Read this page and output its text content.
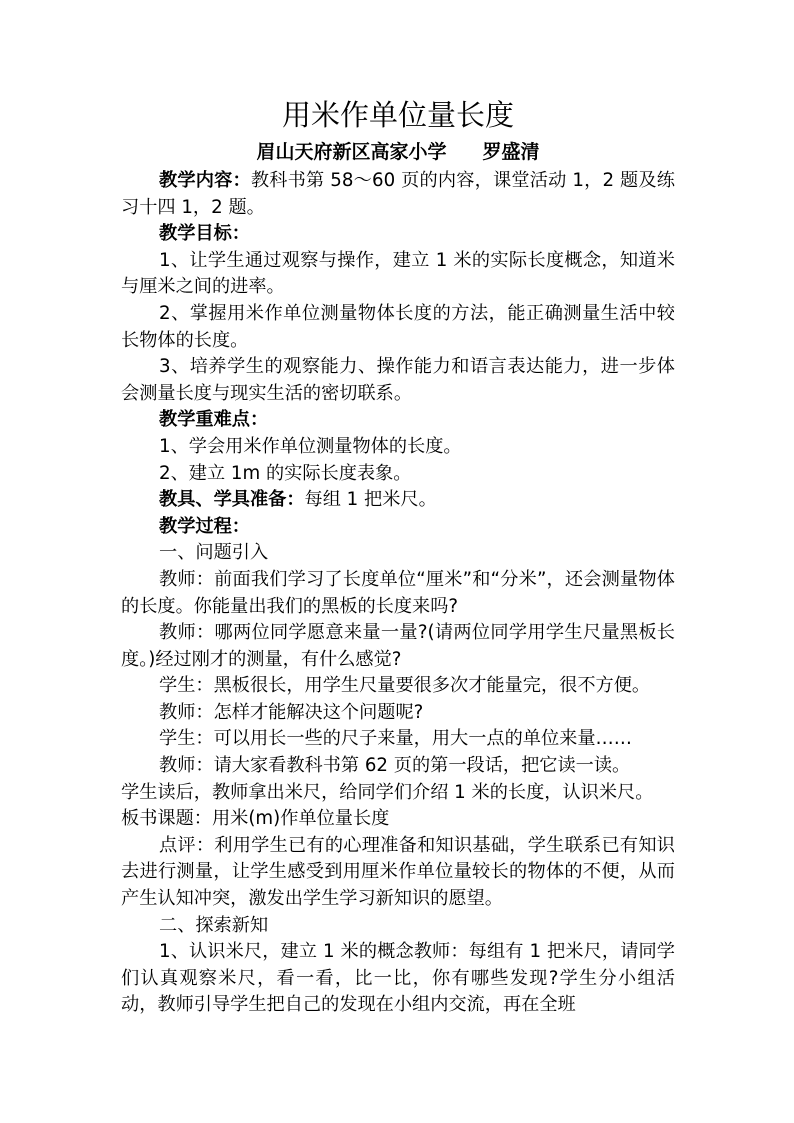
用米作单位量长度

眉山天府新区高家小学 罗盛清

教学内容：教科书第 58～60 页的内容，课堂活动 1，2 题及练习十四 1，2 题。

教学目标：

1、让学生通过观察与操作，建立 1 米的实际长度概念，知道米与厘米之间的进率。

2、掌握用米作单位测量物体长度的方法，能正确测量生活中较长物体的长度。

3、培养学生的观察能力、操作能力和语言表达能力，进一步体会测量长度与现实生活的密切联系。

教学重难点：

1、学会用米作单位测量物体的长度。

2、建立 1m 的实际长度表象。

教具、学具准备：每组 1 把米尺。

教学过程：

一、问题引入

教师：前面我们学习了长度单位“厘米”和“分米”，还会测量物体的长度。你能量出我们的黑板的长度来吗?

教师：哪两位同学愿意来量一量?(请两位同学用学生尺量黑板长度。)经过刚才的测量，有什么感觉?

学生：黑板很长，用学生尺量要很多次才能量完，很不方便。

教师：怎样才能解决这个问题呢?

学生：可以用长一些的尺子来量，用大一点的单位来量……

教师：请大家看教科书第 62 页的第一段话，把它读一读。

学生读后，教师拿出米尺，给同学们介绍 1 米的长度，认识米尺。

板书课题：用米(m)作单位量长度

点评：利用学生已有的心理准备和知识基础，学生联系已有知识去进行测量，让学生感受到用厘米作单位量较长的物体的不便，从而产生认知冲突，激发出学生学习新知识的愿望。

二、探索新知

1、认识米尺，建立 1 米的概念教师：每组有 1 把米尺，请同学们认真观察米尺，看一看，比一比，你有哪些发现?学生分小组活动，教师引导学生把自己的发现在小组内交流，再在全班
